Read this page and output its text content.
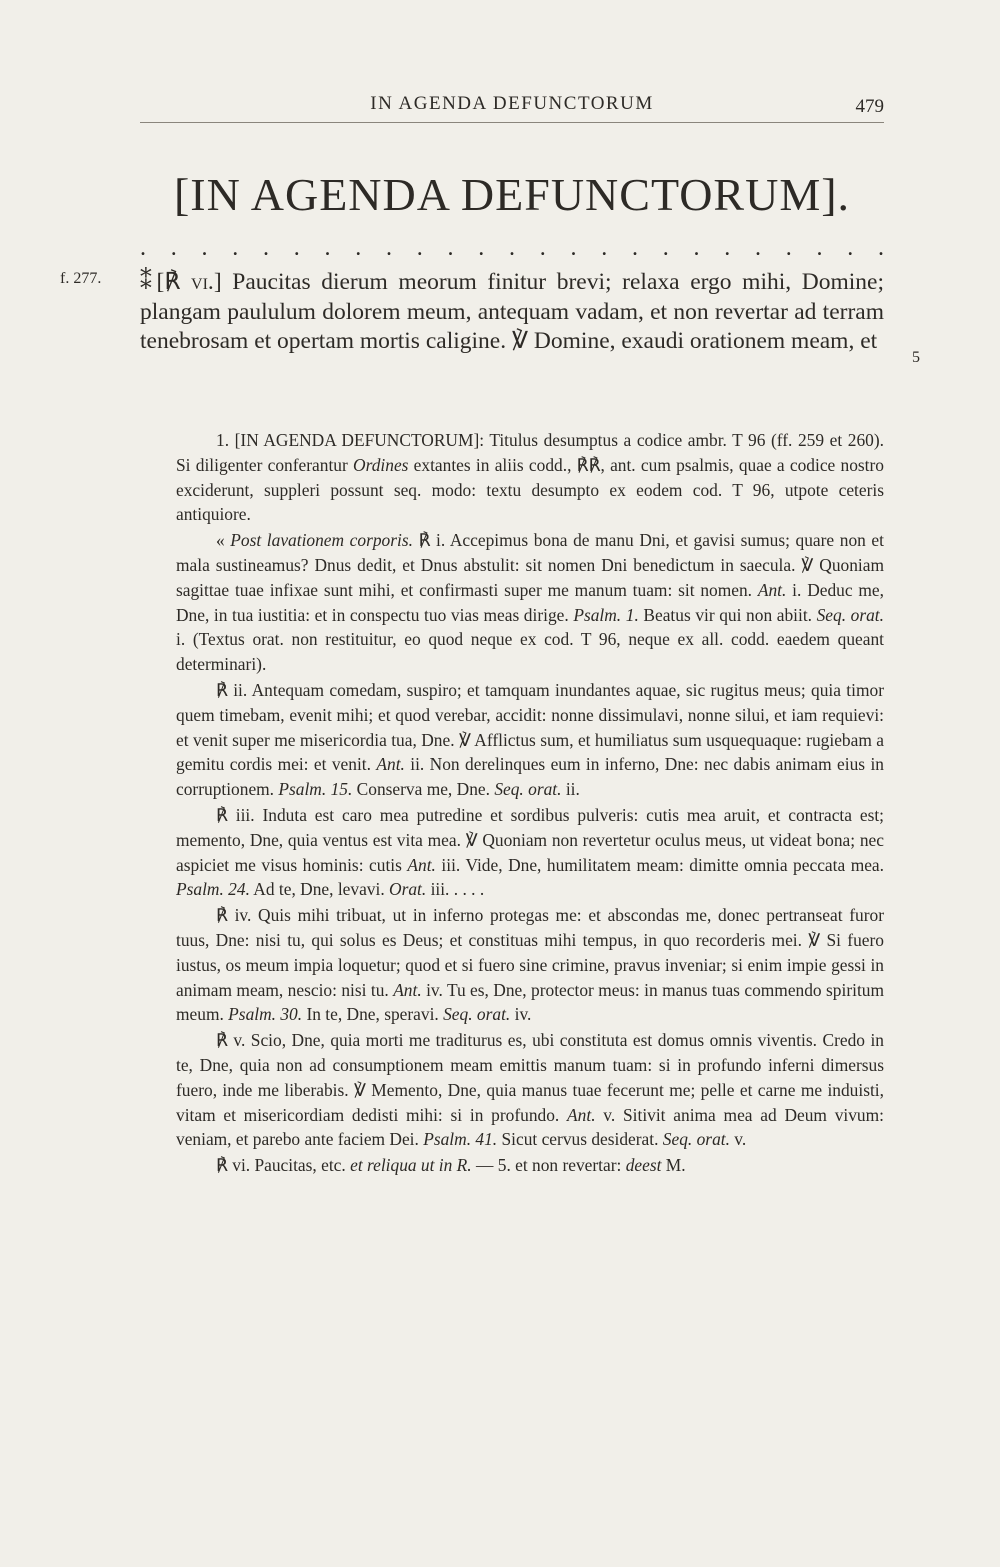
IN AGENDA DEFUNCTORUM	479
[IN AGENDA DEFUNCTORUM].
. . . . . . . . . . . . . . . . . . . . . . . . .
f. 277.
5

⁑[℟ vi.] Paucitas dierum meorum finitur brevi; relaxa ergo mihi, Domine; plangam paululum dolorem meum, antequam vadam, et non revertar ad terram tenebrosam et opertam mortis caligine. ℣ Domine, exaudi orationem meam, et

1. [IN AGENDA DEFUNCTORUM]: Titulus desumptus a codice ambr. T 96 (ff. 259 et 260). Si diligenter conferantur Ordines extantes in aliis codd., ℟℟, ant. cum psalmis, quae a codice nostro exciderunt, suppleri possunt seq. modo: textu desumpto ex eodem cod. T 96, utpote ceteris antiquiore.

« Post lavationem corporis. ℟ i. Accepimus bona de manu Dni, et gavisi sumus; quare non et mala sustineamus? Dnus dedit, et Dnus abstulit: sit nomen Dni benedictum in saecula. ℣ Quoniam sagittae tuae infixae sunt mihi, et confirmasti super me manum tuam: sit nomen. Ant. i. Deduc me, Dne, in tua iustitia: et in conspectu tuo vias meas dirige. Psalm. 1. Beatus vir qui non abiit. Seq. orat. i. (Textus orat. non restituitur, eo quod neque ex cod. T 96, neque ex all. codd. eaedem queant determinari).

℟ ii. Antequam comedam, suspiro; et tamquam inundantes aquae, sic rugitus meus; quia timor quem timebam, evenit mihi; et quod verebar, accidit: nonne dissimulavi, nonne silui, et iam requievi: et venit super me misericordia tua, Dne. ℣ Afflictus sum, et humiliatus sum usquequaque: rugiebam a gemitu cordis mei: et venit. Ant. ii. Non derelinques eum in inferno, Dne: nec dabis animam eius in corruptionem. Psalm. 15. Conserva me, Dne. Seq. orat. ii.

℟ iii. Induta est caro mea putredine et sordibus pulveris: cutis mea aruit, et contracta est; memento, Dne, quia ventus est vita mea. ℣ Quoniam non revertetur oculus meus, ut videat bona; nec aspiciet me visus hominis: cutis Ant. iii. Vide, Dne, humilitatem meam: dimitte omnia peccata mea. Psalm. 24. Ad te, Dne, levavi. Orat. iii. . . . .

℟ iv. Quis mihi tribuat, ut in inferno protegas me: et abscondas me, donec pertranseat furor tuus, Dne: nisi tu, qui solus es Deus; et constituas mihi tempus, in quo recorderis mei. ℣ Si fuero iustus, os meum impia loquetur; quod et si fuero sine crimine, pravus inveniar; si enim impie gessi in animam meam, nescio: nisi tu. Ant. iv. Tu es, Dne, protector meus: in manus tuas commendo spiritum meum. Psalm. 30. In te, Dne, speravi. Seq. orat. iv.

℟ v. Scio, Dne, quia morti me traditurus es, ubi constituta est domus omnis viventis. Credo in te, Dne, quia non ad consumptionem meam emittis manum tuam: si in profundo inferni dimersus fuero, inde me liberabis. ℣ Memento, Dne, quia manus tuae fecerunt me; pelle et carne me induisti, vitam et misericordiam dedisti mihi: si in profundo. Ant. v. Sitivit anima mea ad Deum vivum: veniam, et parebo ante faciem Dei. Psalm. 41. Sicut cervus desiderat. Seq. orat. v.

℟ vi. Paucitas, etc. et reliqua ut in R. — 5. et non revertar: deest M.
